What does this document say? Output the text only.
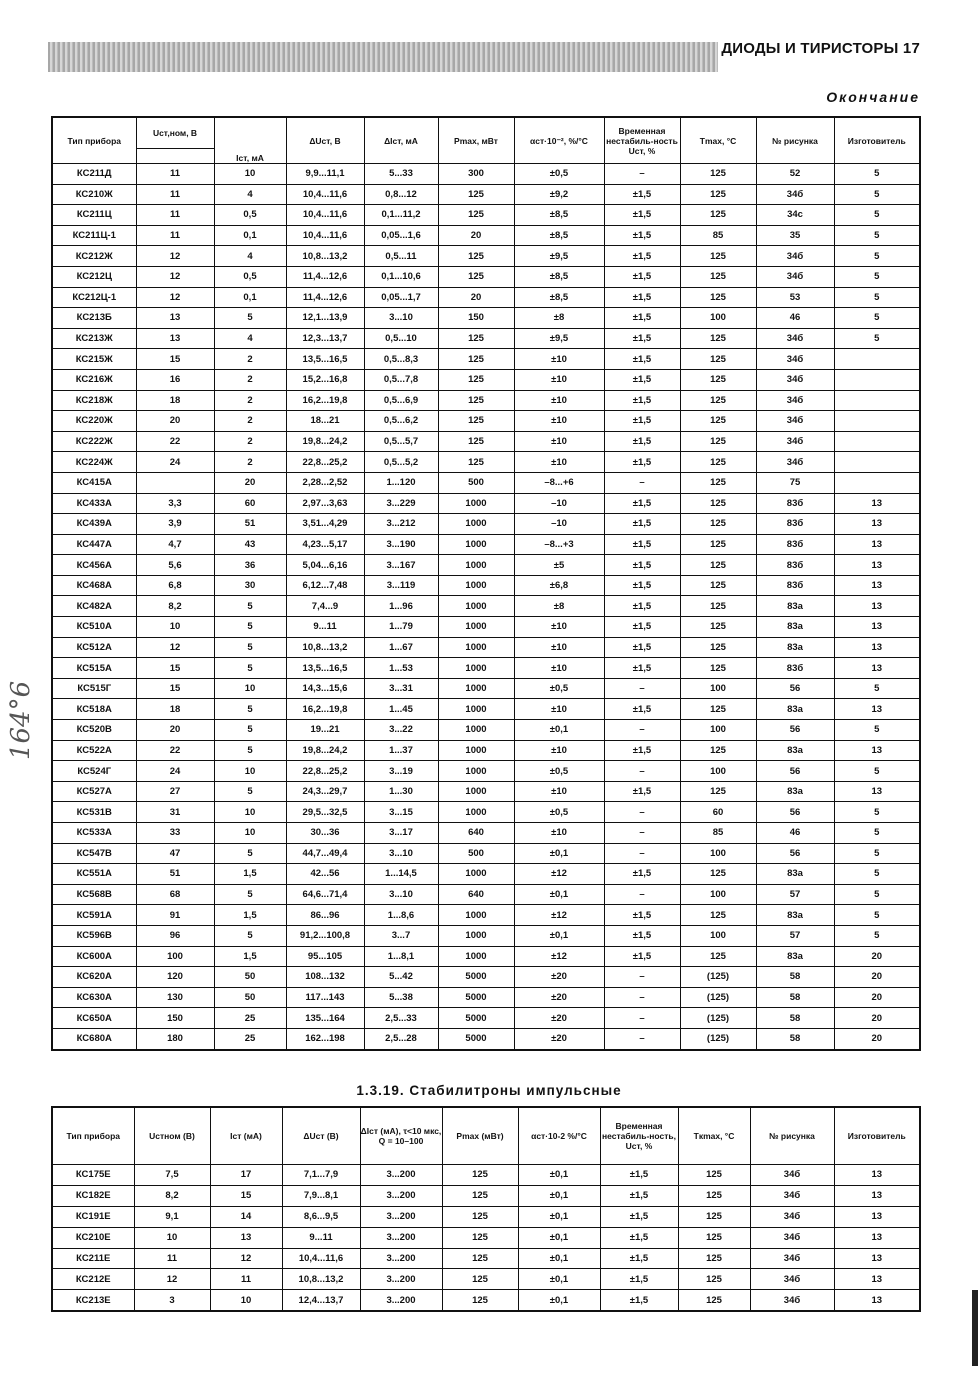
ДИОДЫ И ТИРИСТОРЫ 17
Окончание
164°6
Тип прибора	Uст,ном, В	Iст, мА	ΔUст, В	ΔIст, мА	Pmax, мВт	αст·10⁻², %/°C	Временная нестабиль-ность Uст, %	Tmax, °C	№ рисунка	Изготовитель

КС211Д	11	10	9,9...11,1	5...33	300	±0,5	–	125	52	5
КС210Ж	11	4	10,4...11,6	0,8...12	125	±9,2	±1,5	125	34б	5
КС211Ц	11	0,5	10,4...11,6	0,1...11,2	125	±8,5	±1,5	125	34с	5
КС211Ц-1	11	0,1	10,4...11,6	0,05...1,6	20	±8,5	±1,5	85	35	5
КС212Ж	12	4	10,8...13,2	0,5...11	125	±9,5	±1,5	125	34б	5
КС212Ц	12	0,5	11,4...12,6	0,1...10,6	125	±8,5	±1,5	125	34б	5
КС212Ц-1	12	0,1	11,4...12,6	0,05...1,7	20	±8,5	±1,5	125	53	5
КС213Б	13	5	12,1...13,9	3...10	150	±8	±1,5	100	46	5
КС213Ж	13	4	12,3...13,7	0,5...10	125	±9,5	±1,5	125	34б	5
КС215Ж	15	2	13,5...16,5	0,5...8,3	125	±10	±1,5	125	34б	
КС216Ж	16	2	15,2...16,8	0,5...7,8	125	±10	±1,5	125	34б	
КС218Ж	18	2	16,2...19,8	0,5...6,9	125	±10	±1,5	125	34б	
КС220Ж	20	2	18...21	0,5...6,2	125	±10	±1,5	125	34б	
КС222Ж	22	2	19,8...24,2	0,5...5,7	125	±10	±1,5	125	34б	
КС224Ж	24	2	22,8...25,2	0,5...5,2	125	±10	±1,5	125	34б	
КС415А		20	2,28...2,52	1...120	500	–8...+6	–	125	75	
КС433А	3,3	60	2,97...3,63	3...229	1000	–10	±1,5	125	83б	13
КС439А	3,9	51	3,51...4,29	3...212	1000	–10	±1,5	125	83б	13
КС447А	4,7	43	4,23...5,17	3...190	1000	–8...+3	±1,5	125	83б	13
КС456А	5,6	36	5,04...6,16	3...167	1000	±5	±1,5	125	83б	13
КС468А	6,8	30	6,12...7,48	3...119	1000	±6,8	±1,5	125	83б	13
КС482А	8,2	5	7,4...9	1...96	1000	±8	±1,5	125	83а	13
КС510А	10	5	9...11	1...79	1000	±10	±1,5	125	83а	13
КС512А	12	5	10,8...13,2	1...67	1000	±10	±1,5	125	83а	13
КС515А	15	5	13,5...16,5	1...53	1000	±10	±1,5	125	83б	13
КС515Г	15	10	14,3...15,6	3...31	1000	±0,5	–	100	56	5
КС518А	18	5	16,2...19,8	1...45	1000	±10	±1,5	125	83а	13
КС520В	20	5	19...21	3...22	1000	±0,1	–	100	56	5
КС522А	22	5	19,8...24,2	1...37	1000	±10	±1,5	125	83а	13
КС524Г	24	10	22,8...25,2	3...19	1000	±0,5	–	100	56	5
КС527А	27	5	24,3...29,7	1...30	1000	±10	±1,5	125	83а	13
КС531В	31	10	29,5...32,5	3...15	1000	±0,5	–	60	56	5
КС533А	33	10	30...36	3...17	640	±10	–	85	46	5
КС547В	47	5	44,7...49,4	3...10	500	±0,1	–	100	56	5
КС551А	51	1,5	42...56	1...14,5	1000	±12	±1,5	125	83а	5
КС568В	68	5	64,6...71,4	3...10	640	±0,1	–	100	57	5
КС591А	91	1,5	86...96	1...8,6	1000	±12	±1,5	125	83а	5
КС596В	96	5	91,2...100,8	3...7	1000	±0,1	±1,5	100	57	5
КС600А	100	1,5	95...105	1...8,1	1000	±12	±1,5	125	83а	20
КС620А	120	50	108...132	5...42	5000	±20	–	(125)	58	20
КС630А	130	50	117...143	5...38	5000	±20	–	(125)	58	20
КС650А	150	25	135...164	2,5...33	5000	±20	–	(125)	58	20
КС680А	180	25	162...198	2,5...28	5000	±20	–	(125)	58	20
1.3.19. Стабилитроны импульсные
Тип прибора	Uстном (В)	Iст (мА)	ΔUст (В)	ΔIст (мА), τ<10 мкс, Q = 10–100	Pmax (мВт)	αст·10-2 %/°C	Временная нестабиль-ность, Uст, %	Tкmax, °C	№ рисунка	Изготовитель
КС175Е	7,5	17	7,1...7,9	3...200	125	±0,1	±1,5	125	34б	13
КС182Е	8,2	15	7,9...8,1	3...200	125	±0,1	±1,5	125	34б	13
КС191Е	9,1	14	8,6...9,5	3...200	125	±0,1	±1,5	125	34б	13
КС210Е	10	13	9...11	3...200	125	±0,1	±1,5	125	34б	13
КС211Е	11	12	10,4...11,6	3...200	125	±0,1	±1,5	125	34б	13
КС212Е	12	11	10,8...13,2	3...200	125	±0,1	±1,5	125	34б	13
КС213Е	3	10	12,4...13,7	3...200	125	±0,1	±1,5	125	34б	13
